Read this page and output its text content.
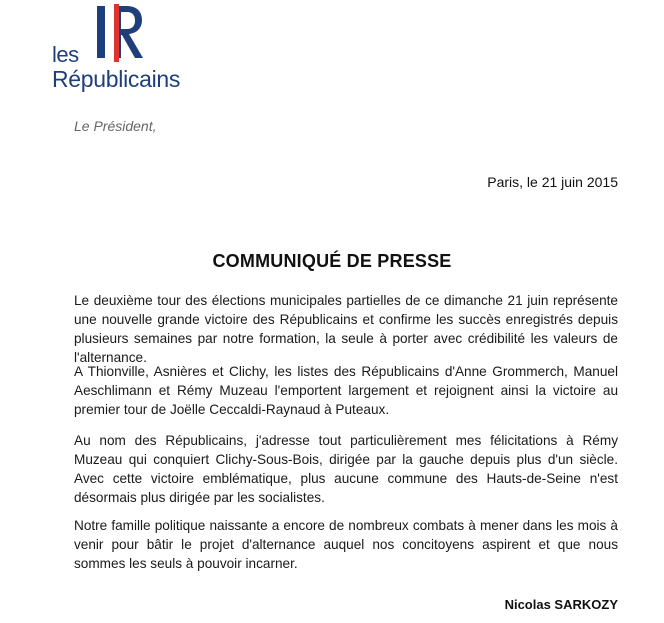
les
Républicains
Le Président,
Paris, le 21 juin 2015
COMMUNIQUÉ DE PRESSE

Le deuxième tour des élections municipales partielles de ce dimanche 21 juin représente une nouvelle grande victoire des Républicains et confirme les succès enregistrés depuis plusieurs semaines par notre formation, la seule à porter avec crédibilité les valeurs de l'alternance.

A Thionville, Asnières et Clichy, les listes des Républicains d'Anne Grommerch, Manuel Aeschlimann et Rémy Muzeau l'emportent largement et rejoignent ainsi la victoire au premier tour de Joëlle Ceccaldi-Raynaud à Puteaux.

Au nom des Républicains, j'adresse tout particulièrement mes félicitations à Rémy Muzeau qui conquiert Clichy-Sous-Bois, dirigée par la gauche depuis plus d'un siècle. Avec cette victoire emblématique, plus aucune commune des Hauts-de-Seine n'est désormais plus dirigée par les socialistes.

Notre famille politique naissante a encore de nombreux combats à mener dans les mois à venir pour bâtir le projet d'alternance auquel nos concitoyens aspirent et que nous sommes les seuls à pouvoir incarner.

Nicolas SARKOZY
